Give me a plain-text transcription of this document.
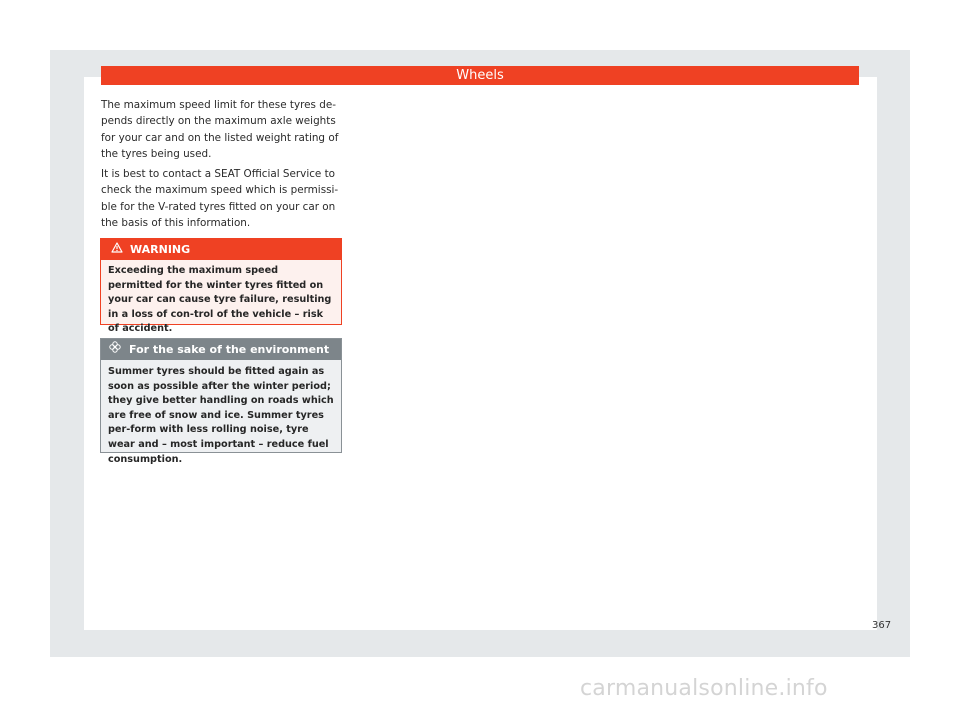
Wheels

The maximum speed limit for these tyres de-pends directly on the maximum axle weights for your car and on the listed weight rating of the tyres being used.

It is best to contact a SEAT Official Service to check the maximum speed which is permissi-ble for the V-rated tyres fitted on your car on the basis of this information.

WARNING
Exceeding the maximum speed permitted for the winter tyres fitted on your car can cause tyre failure, resulting in a loss of con-trol of the vehicle – risk of accident.
For the sake of the environment
Summer tyres should be fitted again as soon as possible after the winter period; they give better handling on roads which are free of snow and ice. Summer tyres per-form with less rolling noise, tyre wear and – most important – reduce fuel consumption.
367
carmanualsonline.info
